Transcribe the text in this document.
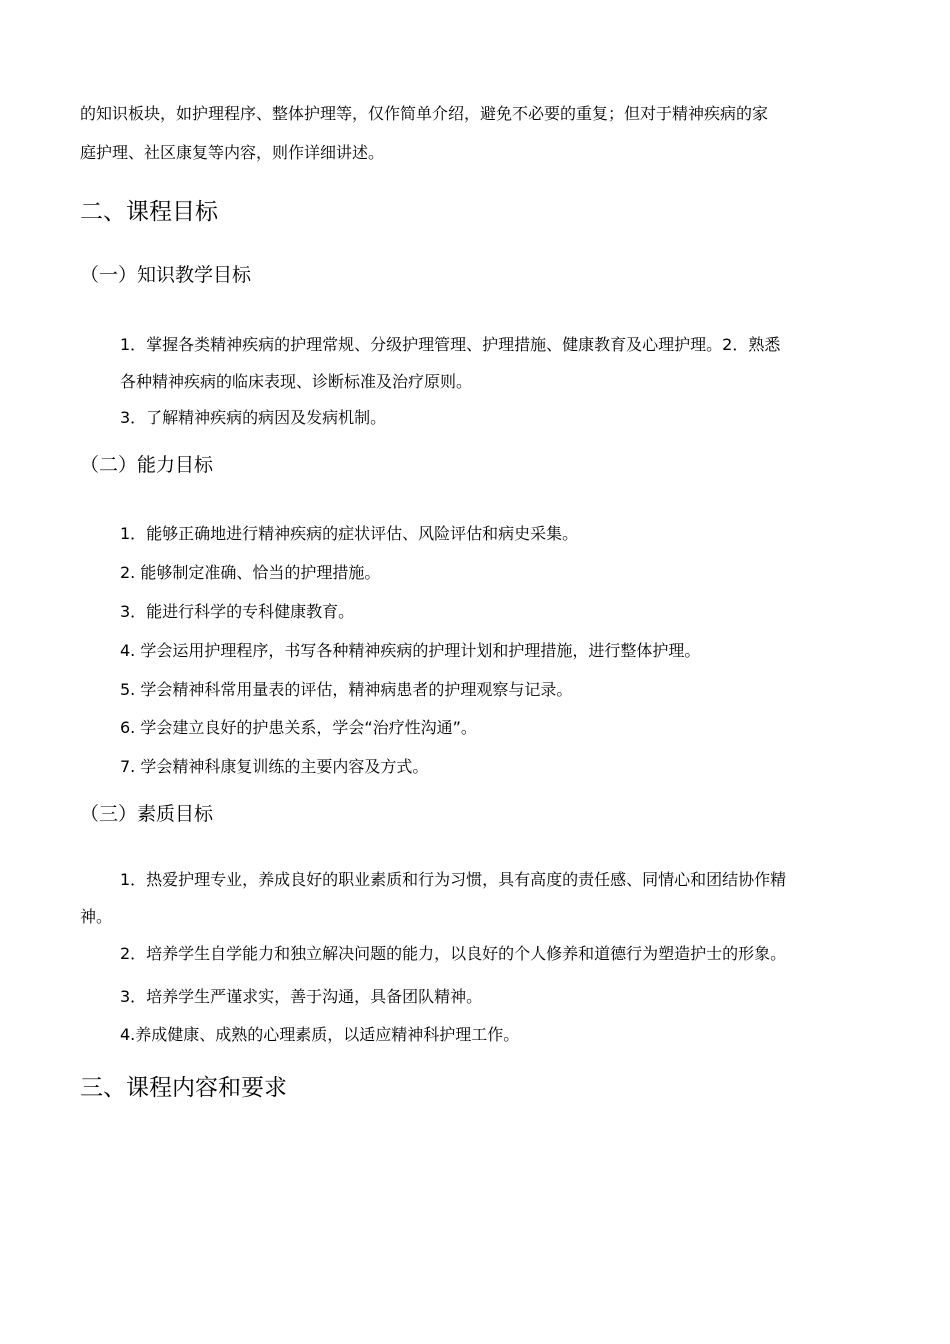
的知识板块，如护理程序、整体护理等，仅作简单介绍，避免不必要的重复；但对于精神疾病的家
庭护理、社区康复等内容，则作详细讲述。
二、课程目标
（一）知识教学目标
1．掌握各类精神疾病的护理常规、分级护理管理、护理措施、健康教育及心理护理。2．熟悉
各种精神疾病的临床表现、诊断标准及治疗原则。
3．了解精神疾病的病因及发病机制。
（二）能力目标
1．能够正确地进行精神疾病的症状评估、风险评估和病史采集。
2. 能够制定准确、恰当的护理措施。
3．能进行科学的专科健康教育。
4. 学会运用护理程序，书写各种精神疾病的护理计划和护理措施，进行整体护理。
5. 学会精神科常用量表的评估，精神病患者的护理观察与记录。
6. 学会建立良好的护患关系，学会“治疗性沟通”。
7. 学会精神科康复训练的主要内容及方式。
（三）素质目标
1．热爱护理专业，养成良好的职业素质和行为习惯，具有高度的责任感、同情心和团结协作精
神。
2．培养学生自学能力和独立解决问题的能力，以良好的个人修养和道德行为塑造护士的形象。
3．培养学生严谨求实，善于沟通，具备团队精神。
4.养成健康、成熟的心理素质，以适应精神科护理工作。
三、课程内容和要求
